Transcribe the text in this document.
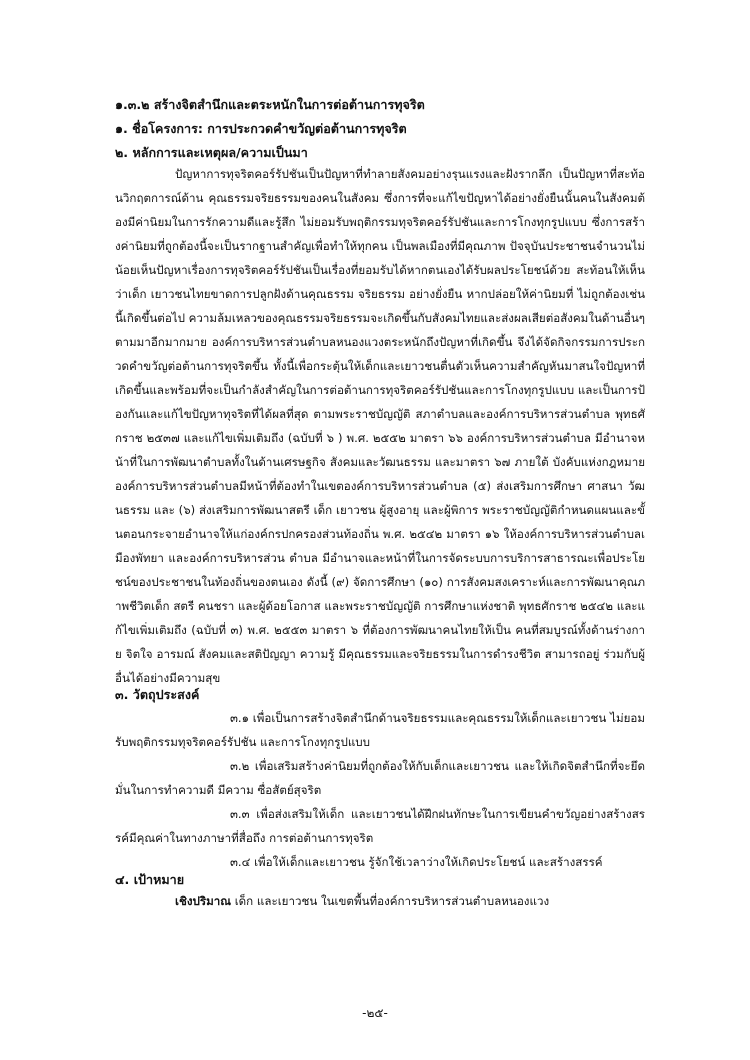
๑.๓.๒ สร้างจิตสำนึกและตระหนักในการต่อต้านการทุจริต
๑. ชื่อโครงการ: การประกวดคำขวัญต่อต้านการทุจริต
๒. หลักการและเหตุผล/ความเป็นมา

ปัญหาการทุจริตคอร์รัปชันเป็นปัญหาที่ทำลายสังคมอย่างรุนแรงและฝังรากลึก เป็นปัญหาที่สะท้อนวิกฤตการณ์ด้าน คุณธรรมจริยธรรมของคนในสังคม ซึ่งการที่จะแก้ไขปัญหาได้อย่างยั่งยืนนั้นคนในสังคมต้องมีค่านิยมในการรักความดีและรู้สึก ไม่ยอมรับพฤติกรรมทุจริตคอร์รัปชันและการโกงทุกรูปแบบ ซึ่งการสร้างค่านิยมที่ถูกต้องนี้จะเป็นรากฐานสำคัญเพื่อทำให้ทุกคน เป็นพลเมืองที่มีคุณภาพ ปัจจุบันประชาชนจำนวนไม่น้อยเห็นปัญหาเรื่องการทุจริตคอร์รัปชันเป็นเรื่องที่ยอมรับได้หากตนเองได้รับผลประโยชน์ด้วย สะท้อนให้เห็นว่าเด็ก เยาวชนไทยขาดการปลูกฝังด้านคุณธรรม จริยธรรม อย่างยั่งยืน หากปล่อยให้ค่านิยมที่ ไม่ถูกต้องเช่นนี้เกิดขึ้นต่อไป ความล้มเหลวของคุณธรรมจริยธรรมจะเกิดขึ้นกับสังคมไทยและส่งผลเสียต่อสังคมในด้านอื่นๆ ตามมาอีกมากมาย องค์การบริหารส่วนตำบลหนองแวงตระหนักถึงปัญหาที่เกิดขึ้น จึงได้จัดกิจกรรมการประกวดคำขวัญต่อต้านการทุจริตขึ้น ทั้งนี้เพื่อกระตุ้นให้เด็กและเยาวชนตื่นตัวเห็นความสำคัญหันมาสนใจปัญหาที่เกิดขึ้นและพร้อมที่จะเป็นกำลังสำคัญในการต่อต้านการทุจริตคอร์รัปชันและการโกงทุกรูปแบบ และเป็นการป้องกันและแก้ไขปัญหาทุจริตที่ได้ผลที่สุด ตามพระราชบัญญัติ สภาตำบลและองค์การบริหารส่วนตำบล พุทธศักราช ๒๕๓๗ และแก้ไขเพิ่มเติมถึง (ฉบับที่ ๖ ) พ.ศ. ๒๕๕๒ มาตรา ๖๖ องค์การบริหารส่วนตำบล มีอำนาจหน้าที่ในการพัฒนาตำบลทั้งในด้านเศรษฐกิจ สังคมและวัฒนธรรม และมาตรา ๖๗ ภายใต้ บังคับแห่งกฎหมาย องค์การบริหารส่วนตำบลมีหน้าที่ต้องทำในเขตองค์การบริหารส่วนตำบล (๕) ส่งเสริมการศึกษา ศาสนา วัฒนธรรม และ (๖) ส่งเสริมการพัฒนาสตรี เด็ก เยาวชน ผู้สูงอายุ และผู้พิการ พระราชบัญญัติกำหนดแผนและขั้นตอนกระจายอำนาจให้แก่องค์กรปกครองส่วนท้องถิ่น พ.ศ. ๒๕๔๒ มาตรา ๑๖ ให้องค์การบริหารส่วนตำบลเมืองพัทยา และองค์การบริหารส่วน ตำบล มีอำนาจและหน้าที่ในการจัดระบบการบริการสาธารณะเพื่อประโยชน์ของประชาชนในท้องถิ่นของตนเอง ดังนี้ (๙) จัดการศึกษา (๑๐) การสังคมสงเคราะห์และการพัฒนาคุณภาพชีวิตเด็ก สตรี คนชรา และผู้ด้อยโอกาส และพระราชบัญญัติ การศึกษาแห่งชาติ พุทธศักราช ๒๕๔๒ และแก้ไขเพิ่มเติมถึง (ฉบับที่ ๓) พ.ศ. ๒๕๕๓ มาตรา ๖ ที่ต้องการพัฒนาคนไทยให้เป็น คนที่สมบูรณ์ทั้งด้านร่างกาย จิตใจ อารมณ์ สังคมและสติปัญญา ความรู้ มีคุณธรรมและจริยธรรมในการดำรงชีวิต สามารถอยู่ ร่วมกับผู้อื่นได้อย่างมีความสุข

๓. วัตถุประสงค์

๓.๑ เพื่อเป็นการสร้างจิตสำนึกด้านจริยธรรมและคุณธรรมให้เด็กและเยาวชน ไม่ยอมรับพฤติกรรมทุจริตคอร์รัปชัน และการโกงทุกรูปแบบ

๓.๒ เพื่อเสริมสร้างค่านิยมที่ถูกต้องให้กับเด็กและเยาวชน และให้เกิดจิตสำนึกที่จะยึดมั่นในการทำความดี มีความ ซื่อสัตย์สุจริต

๓.๓ เพื่อส่งเสริมให้เด็ก และเยาวชนได้ฝึกฝนทักษะในการเขียนคำขวัญอย่างสร้างสรรค์มีคุณค่าในทางภาษาที่สื่อถึง การต่อต้านการทุจริต

๓.๔ เพื่อให้เด็กและเยาวชน รู้จักใช้เวลาว่างให้เกิดประโยชน์ และสร้างสรรค์

๔. เป้าหมาย

เชิงปริมาณ เด็ก และเยาวชน ในเขตพื้นที่องค์การบริหารส่วนตำบลหนองแวง

-๒๕-
